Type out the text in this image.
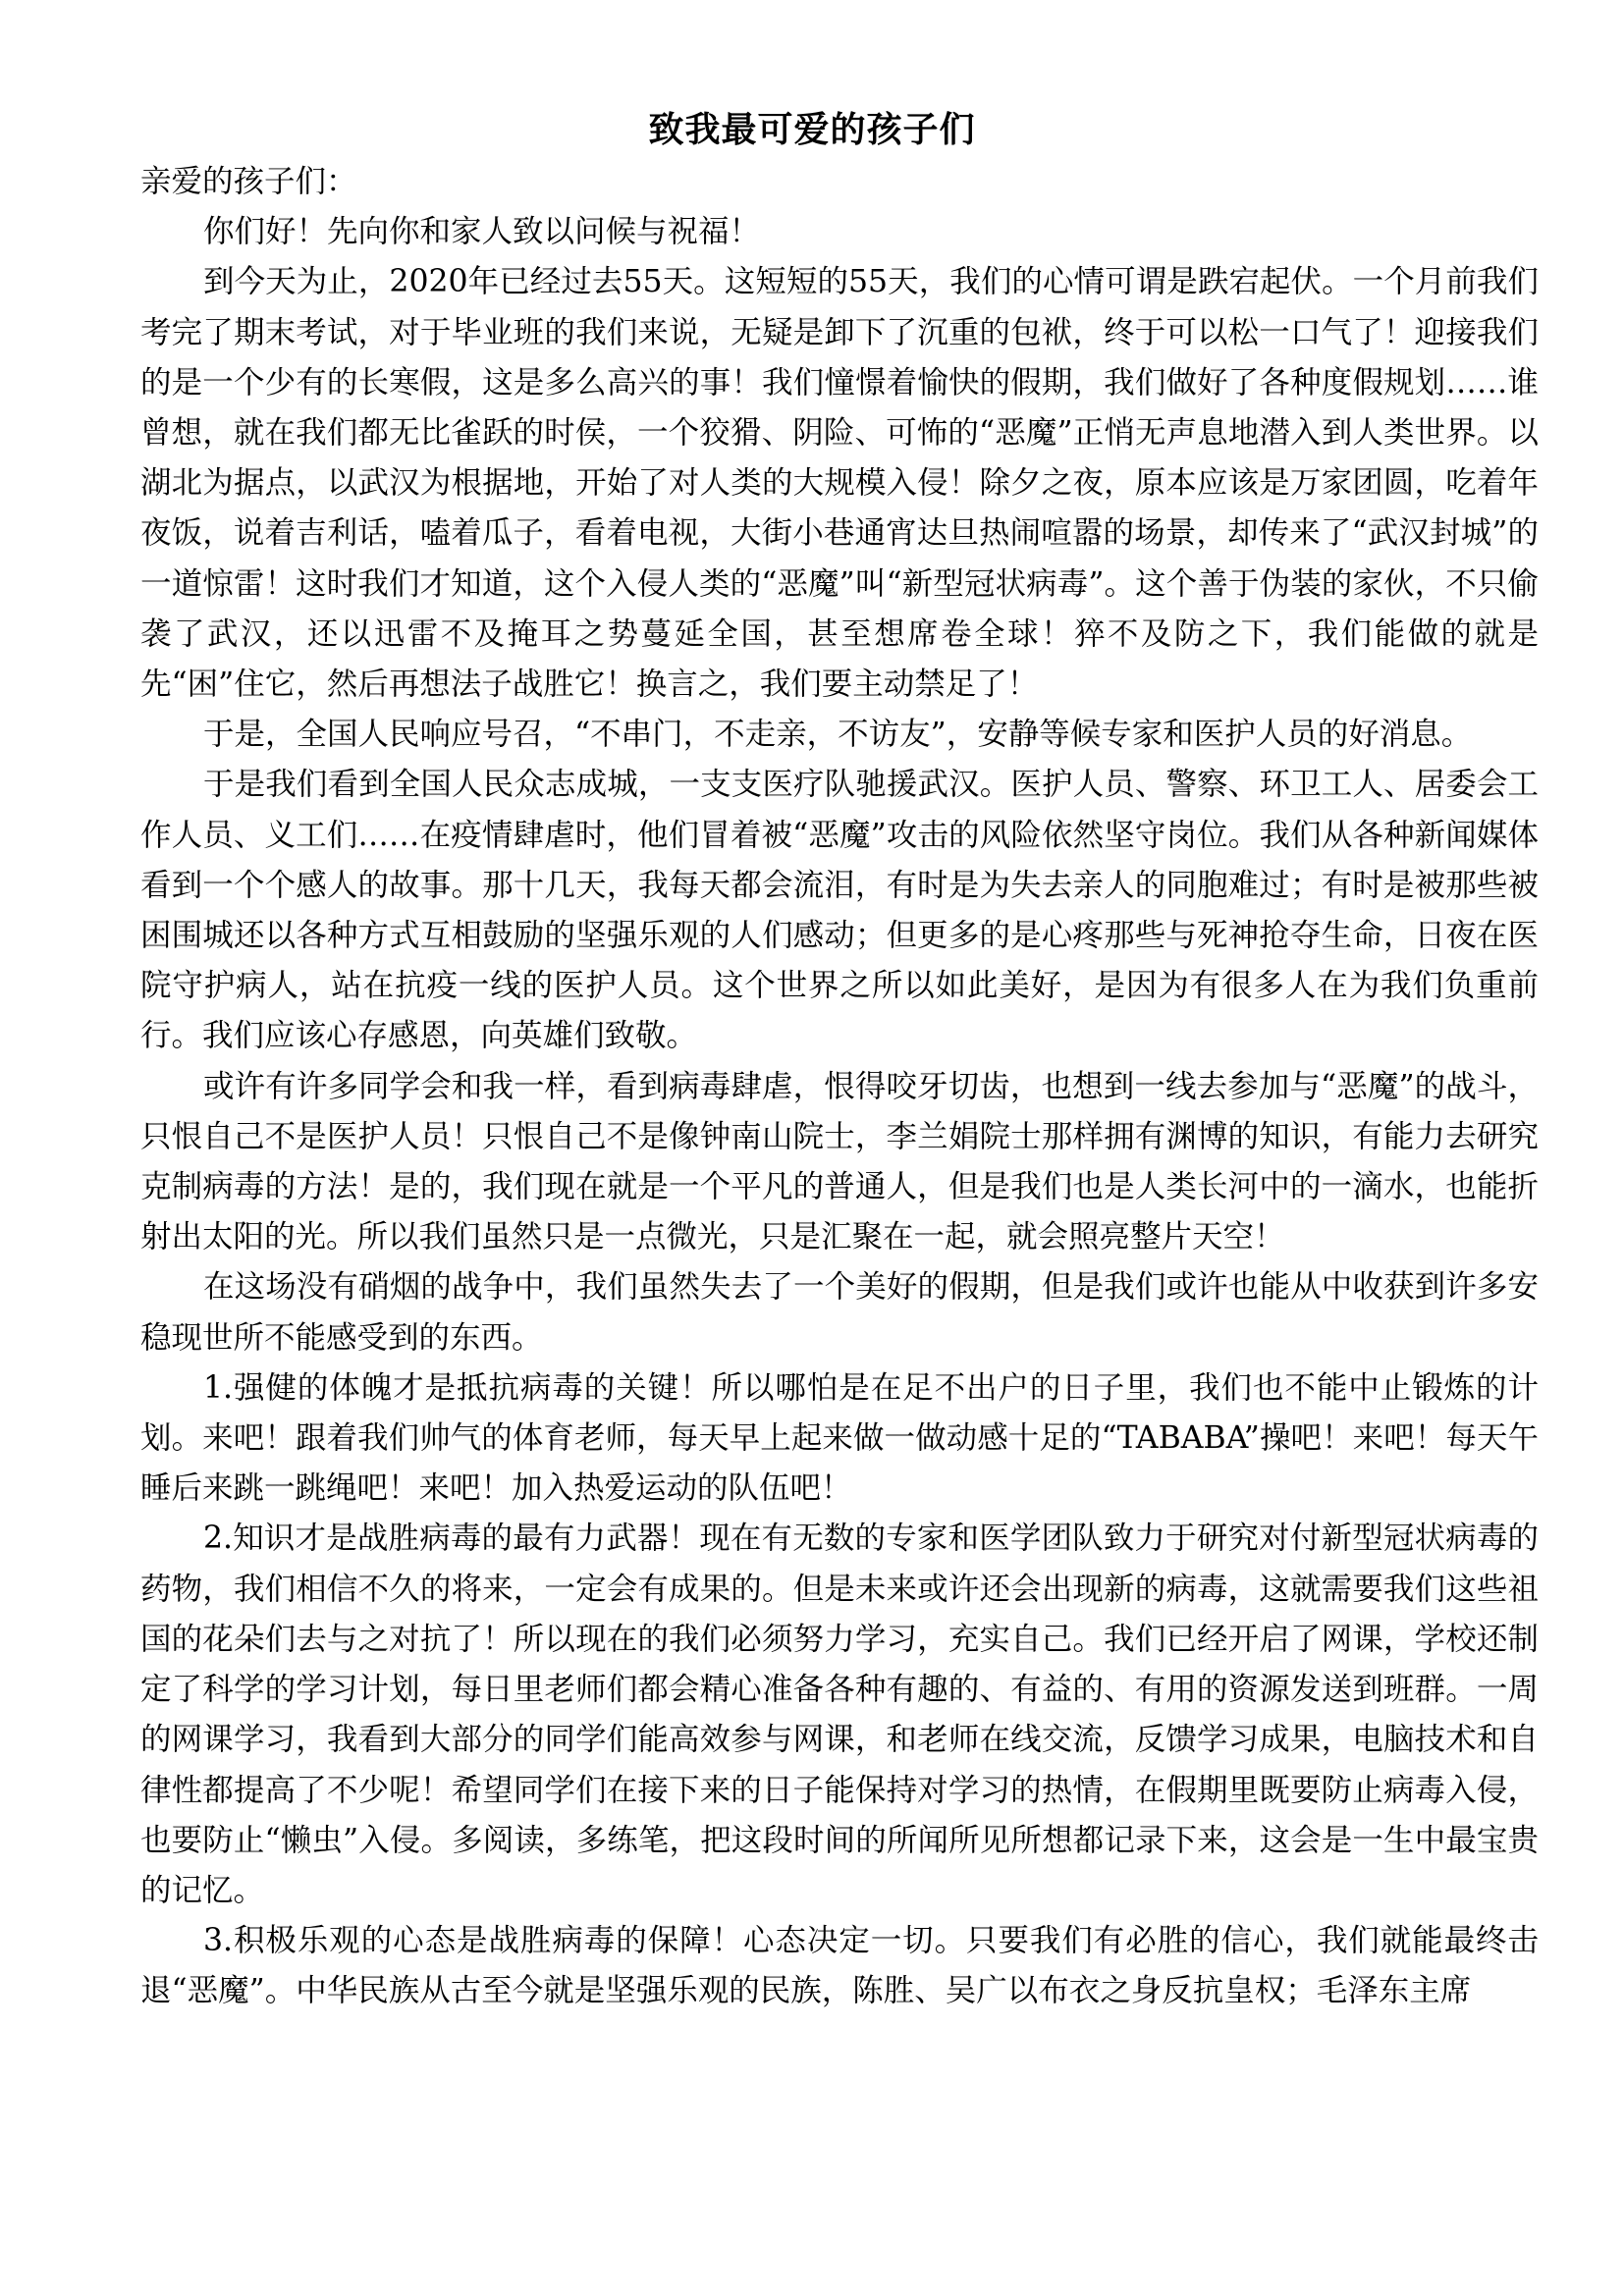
致我最可爱的孩子们

亲爱的孩子们：

你们好！先向你和家人致以问候与祝福！

到今天为止，2020年已经过去55天。这短短的55天，我们的心情可谓是跌宕起伏。一个月前我们考完了期末考试，对于毕业班的我们来说，无疑是卸下了沉重的包袱，终于可以松一口气了！迎接我们的是一个少有的长寒假，这是多么高兴的事！我们憧憬着愉快的假期，我们做好了各种度假规划……谁曾想，就在我们都无比雀跃的时侯，一个狡猾、阴险、可怖的“恶魔”正悄无声息地潜入到人类世界。以湖北为据点，以武汉为根据地，开始了对人类的大规模入侵！除夕之夜，原本应该是万家团圆，吃着年夜饭，说着吉利话，嗑着瓜子，看着电视，大街小巷通宵达旦热闹喧嚣的场景，却传来了“武汉封城”的一道惊雷！这时我们才知道，这个入侵人类的“恶魔”叫“新型冠状病毒”。这个善于伪装的家伙，不只偷袭了武汉，还以迅雷不及掩耳之势蔓延全国，甚至想席卷全球！猝不及防之下，我们能做的就是先“困”住它，然后再想法子战胜它！换言之，我们要主动禁足了！

于是，全国人民响应号召，“不串门，不走亲，不访友”，安静等候专家和医护人员的好消息。

于是我们看到全国人民众志成城，一支支医疗队驰援武汉。医护人员、警察、环卫工人、居委会工作人员、义工们……在疫情肆虐时，他们冒着被“恶魔”攻击的风险依然坚守岗位。我们从各种新闻媒体看到一个个感人的故事。那十几天，我每天都会流泪，有时是为失去亲人的同胞难过；有时是被那些被困围城还以各种方式互相鼓励的坚强乐观的人们感动；但更多的是心疼那些与死神抢夺生命，日夜在医院守护病人，站在抗疫一线的医护人员。这个世界之所以如此美好，是因为有很多人在为我们负重前行。我们应该心存感恩，向英雄们致敬。

或许有许多同学会和我一样，看到病毒肆虐，恨得咬牙切齿，也想到一线去参加与“恶魔”的战斗，只恨自己不是医护人员！只恨自己不是像钟南山院士，李兰娟院士那样拥有渊博的知识，有能力去研究克制病毒的方法！是的，我们现在就是一个平凡的普通人，但是我们也是人类长河中的一滴水，也能折射出太阳的光。所以我们虽然只是一点微光，只是汇聚在一起，就会照亮整片天空！

在这场没有硝烟的战争中，我们虽然失去了一个美好的假期，但是我们或许也能从中收获到许多安稳现世所不能感受到的东西。

1.强健的体魄才是抵抗病毒的关键！所以哪怕是在足不出户的日子里，我们也不能中止锻炼的计划。来吧！跟着我们帅气的体育老师，每天早上起来做一做动感十足的“TABABA”操吧！来吧！每天午睡后来跳一跳绳吧！来吧！加入热爱运动的队伍吧！

2.知识才是战胜病毒的最有力武器！现在有无数的专家和医学团队致力于研究对付新型冠状病毒的药物，我们相信不久的将来，一定会有成果的。但是未来或许还会出现新的病毒，这就需要我们这些祖国的花朵们去与之对抗了！所以现在的我们必须努力学习，充实自己。我们已经开启了网课，学校还制定了科学的学习计划，每日里老师们都会精心准备各种有趣的、有益的、有用的资源发送到班群。一周的网课学习，我看到大部分的同学们能高效参与网课，和老师在线交流，反馈学习成果，电脑技术和自律性都提高了不少呢！希望同学们在接下来的日子能保持对学习的热情，在假期里既要防止病毒入侵，也要防止“懒虫”入侵。多阅读，多练笔，把这段时间的所闻所见所想都记录下来，这会是一生中最宝贵的记忆。

3.积极乐观的心态是战胜病毒的保障！心态决定一切。只要我们有必胜的信心，我们就能最终击退“恶魔”。中华民族从古至今就是坚强乐观的民族，陈胜、吴广以布衣之身反抗皇权；毛泽东主席
